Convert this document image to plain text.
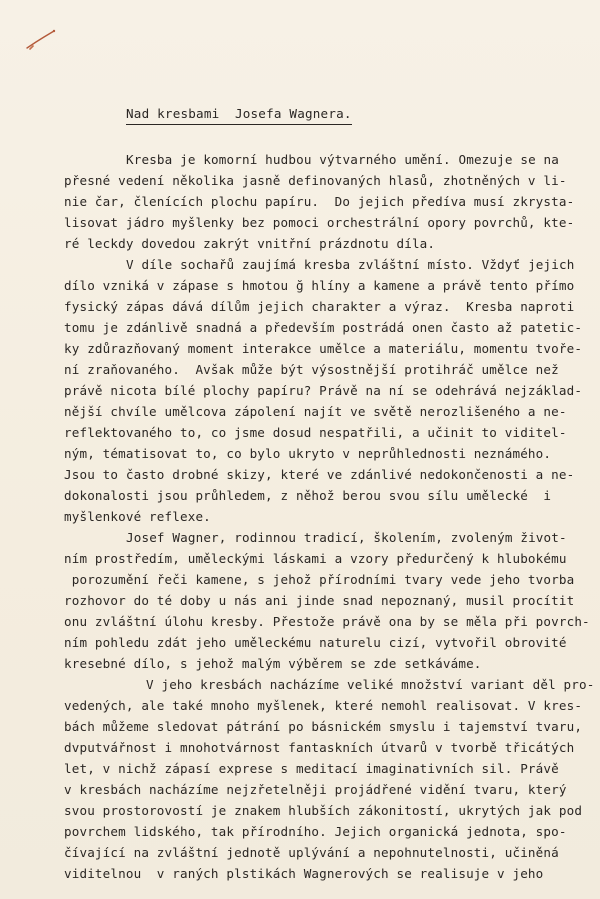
Nad kresbami  Josefa Wagnera.
Kresba je komorní hudbou výtvarného umění. Omezuje se na
přesné vedení několika jasně definovaných hlasů, zhotněných v li-
nie čar, členících plochu papíru.  Do jejich předíva musí zkrysta-
lisovat jádro myšlenky bez pomoci orchestrální opory povrchů, kte-
ré leckdy dovedou zakrýt vnitřní prázdnotu díla.
V díle sochařů zaujímá kresba zvláštní místo. Vždyť jejich
dílo vzniká v zápase s hmotou ğ hlíny a kamene a právě tento přímo
fysický zápas dává dílům jejich charakter a výraz.  Kresba naproti
tomu je zdánlivě snadná a především postrádá onen často až patetic-
ky zdůrazňovaný moment interakce umělce a materiálu, momentu tvoře-
ní zraňovaného.  Avšak může být výsostnější protihráč umělce než
právě nicota bílé plochy papíru? Právě na ní se odehrává nejzáklad-
nější chvíle umělcova zápolení najít ve světě nerozlišeného a ne-
reflektovaného to, co jsme dosud nespatřili, a učinit to viditel-
ným, tématisovat to, co bylo ukryto v neprůhlednosti neznámého.
Jsou to často drobné skizy, které ve zdánlivé nedokončenosti a ne-
dokonalosti jsou průhledem, z něhož berou svou sílu umělecké  i
myšlenkové reflexe.
Josef Wagner, rodinnou tradicí, školením, zvoleným život-
ním prostředím, uměleckými láskami a vzory předurčený k hlubokému
porozumění řeči kamene, s jehož přírodními tvary vede jeho tvorba
rozhovor do té doby u nás ani jinde snad nepoznaný, musil procítit
onu zvláštní úlohu kresby. Přestože právě ona by se měla při povrch-
ním pohledu zdát jeho uměleckému naturelu cizí, vytvořil obrovité
kresebné dílo, s jehož malým výběrem se zde setkáváme.
V jeho kresbách nacházíme veliké množství variant děl pro-
vedených, ale také mnoho myšlenek, které nemohl realisovat. V kres-
bách můžeme sledovat pátrání po básnickém smyslu i tajemství tvaru,
dvputvářnost i mnohotvárnost fantaskních útvarů v tvorbě třicátých
let, v nichž zápasí exprese s meditací imaginativních sil. Právě
v kresbách nacházíme nejzřetelněji projádřené vidění tvaru, který
svou prostorovostí je znakem hlubších zákonitostí, ukrytých jak pod
povrchem lidského, tak přírodního. Jejich organická jednota, spo-
čívající na zvláštní jednotě uplývání a nepohnutelnosti, učiněná
viditelnou  v raných plstikách Wagnerových se realisuje v jeho
